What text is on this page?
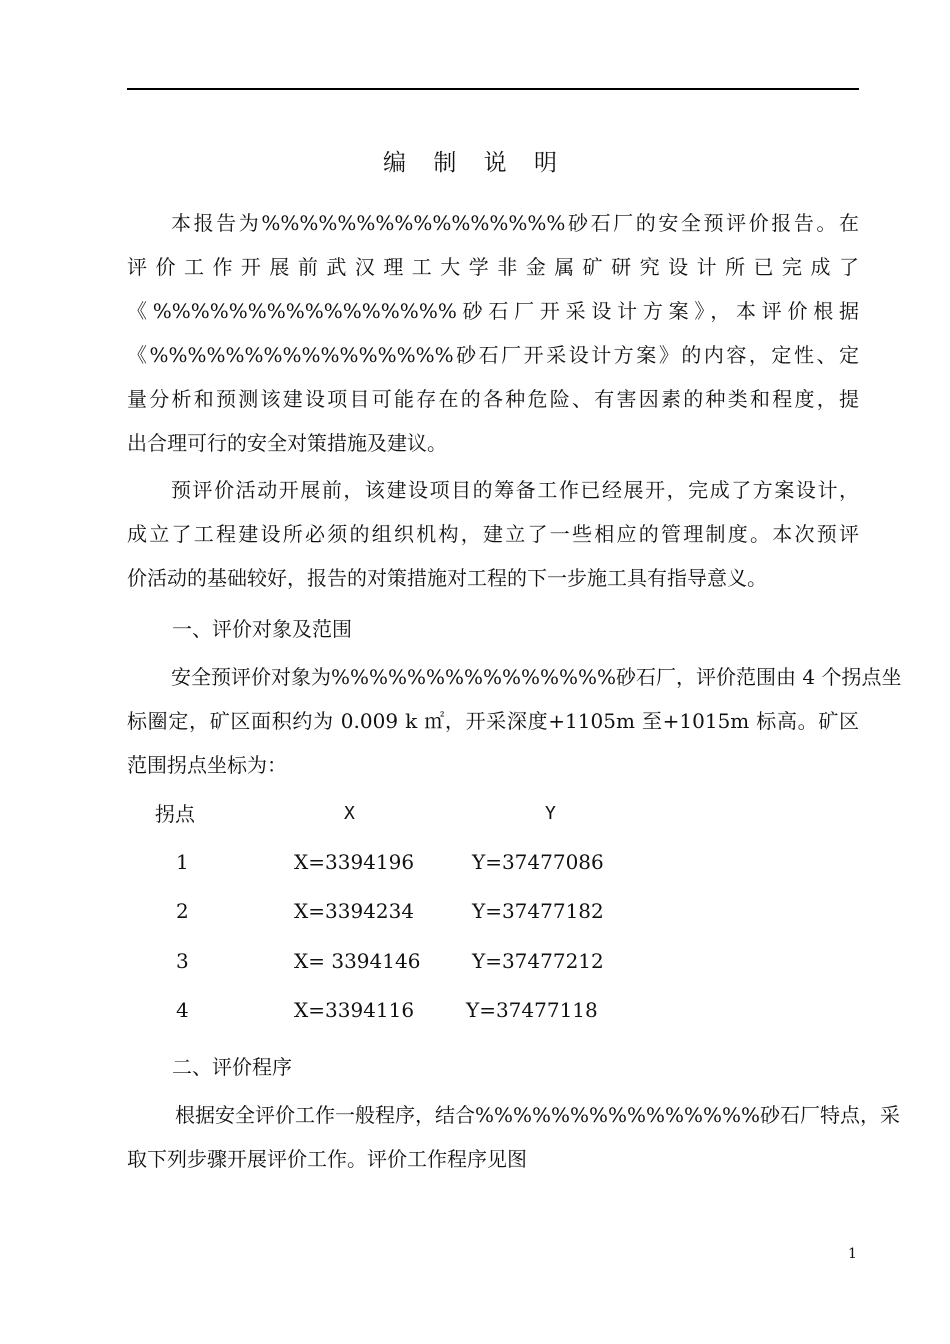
编 制 说 明
本报告为%%%%%%%%%%%%%%%%砂石厂的安全预评价报告。在
评价工作开展前武汉理工大学非金属矿研究设计所已完成了
《%%%%%%%%%%%%%%%%砂石厂开采设计方案》，本评价根据
《%%%%%%%%%%%%%%%%砂石厂开采设计方案》的内容，定性、定
量分析和预测该建设项目可能存在的各种危险、有害因素的种类和程度，提
出合理可行的安全对策措施及建议。
预评价活动开展前，该建设项目的筹备工作已经展开，完成了方案设计，
成立了工程建设所必须的组织机构，建立了一些相应的管理制度。本次预评
价活动的基础较好，报告的对策措施对工程的下一步施工具有指导意义。
一、评价对象及范围
安全预评价对象为%%%%%%%%%%%%%%%砂石厂，评价范围由 4 个拐点坐
标圈定，矿区面积约为 0.009 k ㎡，开采深度+1105m 至+1015m 标高。矿区
范围拐点坐标为：
拐点	X	Y
1	X=3394196	Y=37477086
2	X=3394234	Y=37477182
3	X= 3394146	Y=37477212
4	X=3394116	Y=37477118
二、评价程序
根据安全评价工作一般程序，结合%%%%%%%%%%%%%%%砂石厂特点，采
取下列步骤开展评价工作。评价工作程序见图
1
